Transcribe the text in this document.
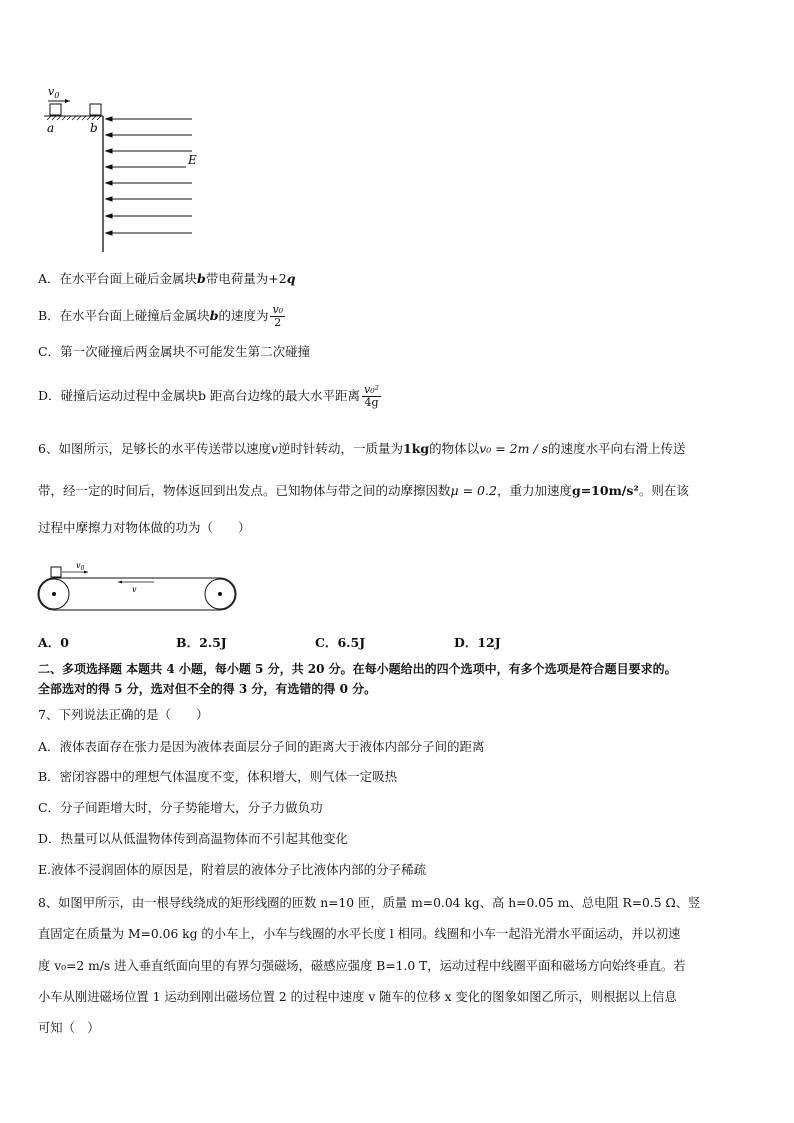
$v_0$
a	b
E
A．在水平台面上碰后金属块b带电荷量为+2q
B．在水平台面上碰撞后金属块b的速度为 $\frac{\text{v₀}}{2}$
C．第一次碰撞后两金属块不可能发生第二次碰撞
D．碰撞后运动过程中金属块b 距高台边缘的最大水平距离 $\frac{\text{v₀²}}{4g}$
6、如图所示，足够长的水平传送带以速度v逆时针转动，一质量为1kg的物体以v₀ = 2m / s的速度水平向右滑上传送
带，经一定的时间后，物体返回到出发点。已知物体与带之间的动摩擦因数μ = 0.2，重力加速度g=10m/s²。则在该
过程中摩擦力对物体做的功为（　　）
$v_0$
v
A．0	B．2.5J	C．6.5J	D．12J
二、多项选择题 本题共 4 小题，每小题 5 分，共 20 分。在每小题给出的四个选项中，有多个选项是符合题目要求的。
全部选对的得 5 分，选对但不全的得 3 分，有选错的得 0 分。
7、下列说法正确的是（　　）
A．液体表面存在张力是因为液体表面层分子间的距离大于液体内部分子间的距离
B．密闭容器中的理想气体温度不变，体积增大，则气体一定吸热
C．分子间距增大时，分子势能增大，分子力做负功
D．热量可以从低温物体传到高温物体而不引起其他变化
E.液体不浸润固体的原因是，附着层的液体分子比液体内部的分子稀疏
8、如图甲所示，由一根导线绕成的矩形线圈的匝数 n=10 匝，质量 m=0.04 kg、高 h=0.05 m、总电阻 R=0.5 Ω、竖
直固定在质量为 M=0.06 kg 的小车上，小车与线圈的水平长度 l 相同。线圈和小车一起沿光滑水平面运动，并以初速
度 v₀=2 m/s 进入垂直纸面向里的有界匀强磁场，磁感应强度 B=1.0 T，运动过程中线圈平面和磁场方向始终垂直。若
小车从刚进磁场位置 1 运动到刚出磁场位置 2 的过程中速度 v 随车的位移 x 变化的图象如图乙所示，则根据以上信息
可知（　）
